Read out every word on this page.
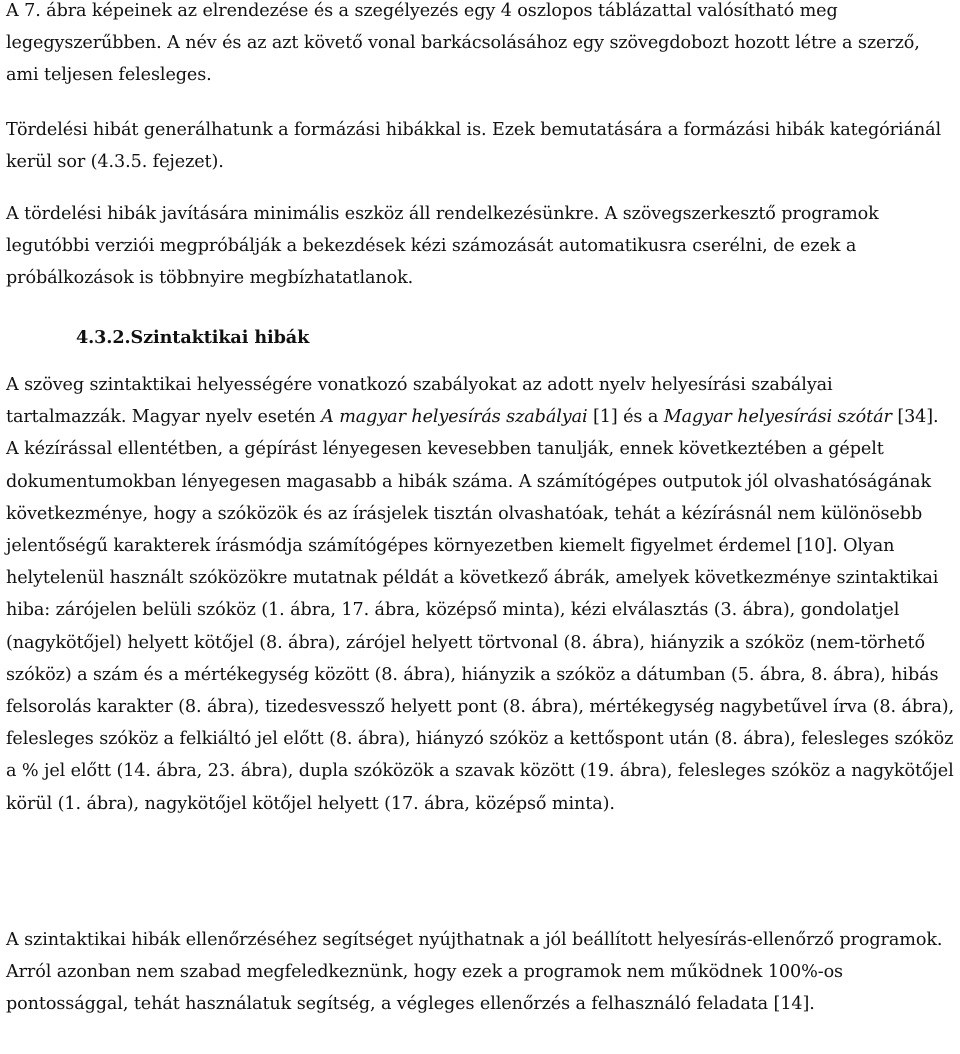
A 7. ábra képeinek az elrendezése és a szegélyezés egy 4 oszlopos táblázattal valósítható meg legegyszerűbben. A név és az azt követő vonal barkácsolásához egy szövegdobozt hozott létre a szerző, ami teljesen felesleges.

Tördelési hibát generálhatunk a formázási hibákkal is. Ezek bemutatására a formázási hibák kategóriánál kerül sor (4.3.5. fejezet).

A tördelési hibák javítására minimális eszköz áll rendelkezésünkre. A szövegszerkesztő programok legutóbbi verziói megpróbálják a bekezdések kézi számozását automatikusra cserélni, de ezek a próbálkozások is többnyire megbízhatatlanok.

4.3.2.Szintaktikai hibák

A szöveg szintaktikai helyességére vonatkozó szabályokat az adott nyelv helyesírási szabályai tartalmazzák. Magyar nyelv esetén A magyar helyesírás szabályai [1] és a Magyar helyesírási szótár [34]. A kézírással ellentétben, a gépírást lényegesen kevesebben tanulják, ennek következtében a gépelt dokumentumokban lényegesen magasabb a hibák száma. A számítógépes outputok jól olvashatóságának következménye, hogy a szóközök és az írásjelek tisztán olvashatóak, tehát a kézírásnál nem különösebb jelentőségű karakterek írásmódja számítógépes környezetben kiemelt figyelmet érdemel [10]. Olyan helytelenül használt szóközökre mutatnak példát a következő ábrák, amelyek következménye szintaktikai hiba: zárójelen belüli szóköz (1. ábra, 17. ábra, középső minta), kézi elválasztás (3. ábra), gondolatjel (nagykötőjel) helyett kötőjel (8. ábra), zárójel helyett törtvonal (8. ábra), hiányzik a szóköz (nem-törhető szóköz) a szám és a mértékegység között (8. ábra), hiányzik a szóköz a dátumban (5. ábra, 8. ábra), hibás felsorolás karakter (8. ábra), tizedesvessző helyett pont (8. ábra), mértékegység nagybetűvel írva (8. ábra), felesleges szóköz a felkiáltó jel előtt (8. ábra), hiányzó szóköz a kettőspont után (8. ábra), felesleges szóköz a % jel előtt (14. ábra, 23. ábra), dupla szóközök a szavak között (19. ábra), felesleges szóköz a nagykötőjel körül (1. ábra), nagykötőjel kötőjel helyett (17. ábra, középső minta).

A szintaktikai hibák ellenőrzéséhez segítséget nyújthatnak a jól beállított helyesírás-ellenőrző programok. Arról azonban nem szabad megfeledkeznünk, hogy ezek a programok nem működnek 100%-os pontossággal, tehát használatuk segítség, a végleges ellenőrzés a felhasználó feladata [14].
